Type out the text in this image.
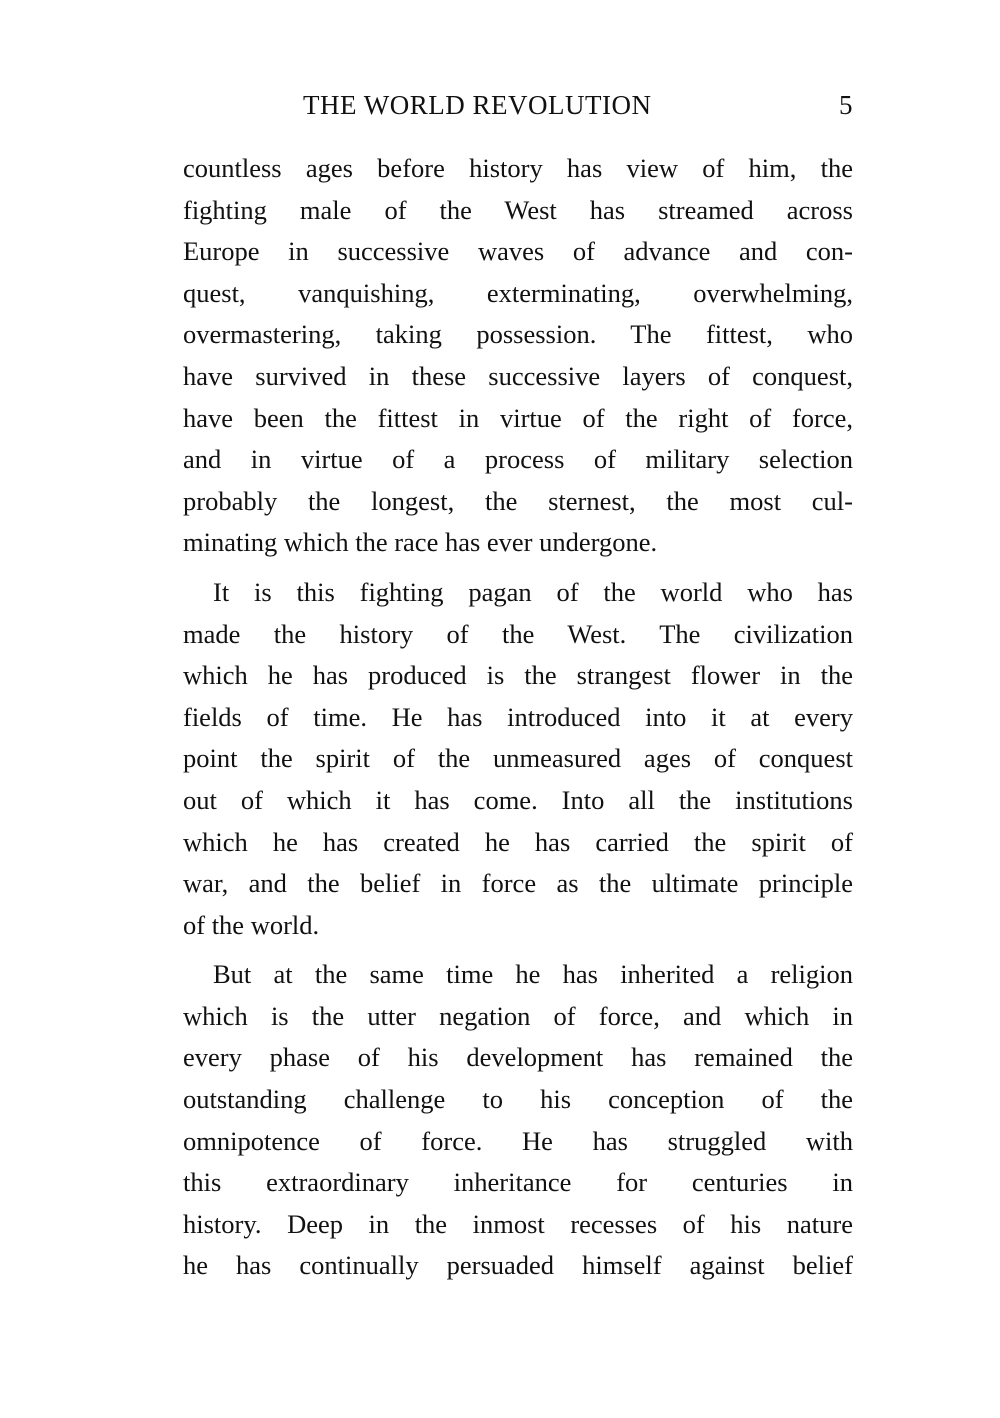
THE WORLD REVOLUTION	5
countless ages before history has view of him, the
fighting male of the West has streamed across
Europe in successive waves of advance and con-
quest, vanquishing, exterminating, overwhelming,
overmastering, taking possession. The fittest, who
have survived in these successive layers of conquest,
have been the fittest in virtue of the right of force,
and in virtue of a process of military selection
probably the longest, the sternest, the most cul-
minating which the race has ever undergone.
It is this fighting pagan of the world who has
made the history of the West. The civilization
which he has produced is the strangest flower in the
fields of time. He has introduced into it at every
point the spirit of the unmeasured ages of conquest
out of which it has come. Into all the institutions
which he has created he has carried the spirit of
war, and the belief in force as the ultimate principle
of the world.
But at the same time he has inherited a religion
which is the utter negation of force, and which in
every phase of his development has remained the
outstanding challenge to his conception of the
omnipotence of force. He has struggled with
this extraordinary inheritance for centuries in
history. Deep in the inmost recesses of his nature
he has continually persuaded himself against belief
